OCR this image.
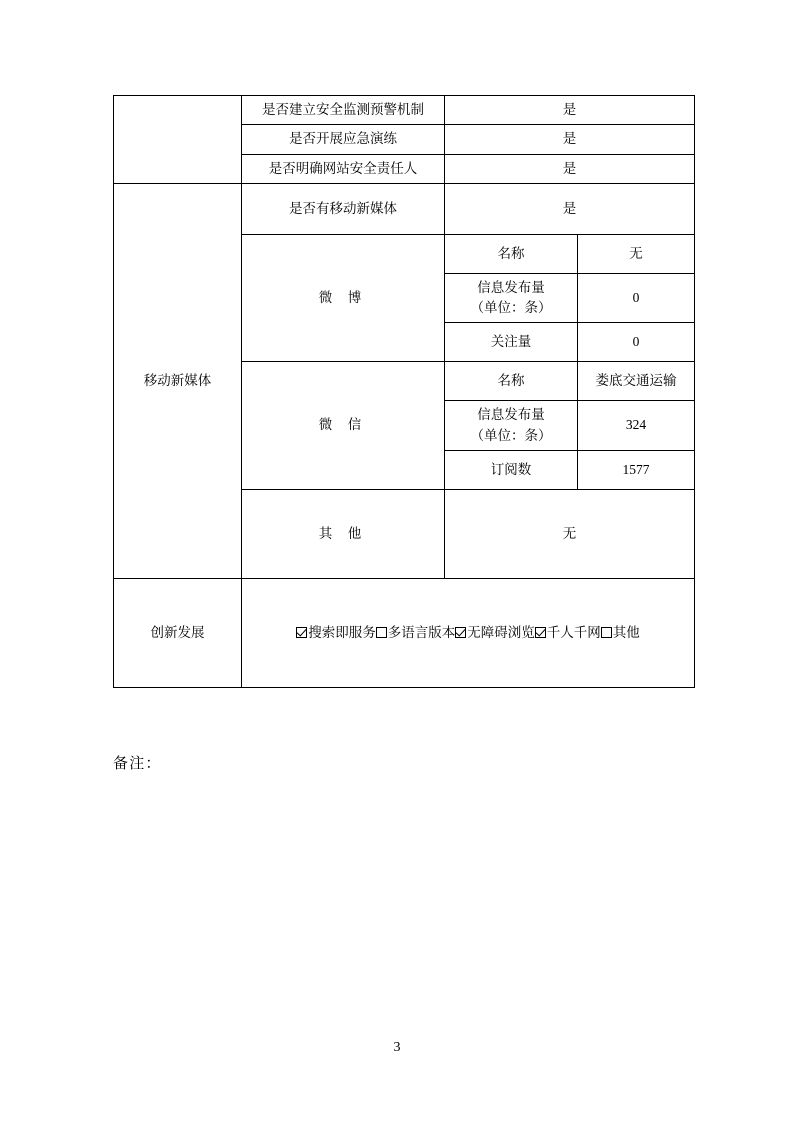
	是否建立安全监测预警机制	是	
	是否开展应急演练	是	
	是否明确网站安全责任人	是	
移动新媒体	是否有移动新媒体	是	
	微 博	名称	无

		信息发布量
（单位：条）	0
		关注量	0
	微 信	名称	娄底交通运输

		信息发布量
（单位：条）	324
		订阅数	1577
	其 他	无	
创新发展	搜索即服务 多语言版本 无障碍浏览 千人千网 其他		
备注：
3
